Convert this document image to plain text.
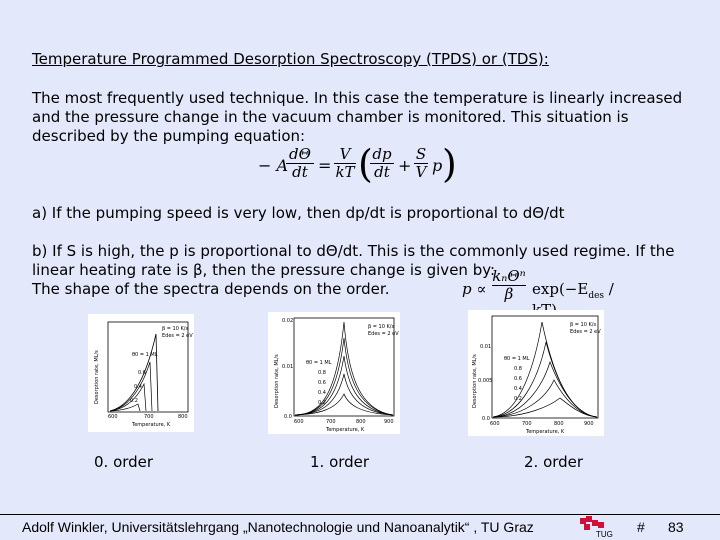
Temperature Programmed Desorption Spectroscopy (TPDS) or (TDS):
The most frequently used technique. In this case the temperature is linearly increased and the pressure change in the vacuum chamber is monitored. This situation is described by the pumping equation:
− A
dΘ
dt =
V
kT ( dp
dt +
S
V p )
a) If the pumping speed is very low, then dp/dt is proportional to dΘ/dt
b) If S is high, the p is proportional to dΘ/dt. This is the commonly used regime. If the
linear heating rate is β, then the pressure change is given by:
The shape of the spectra depends on the order.	p ∝
kₙΘⁿ
β $\exp(-E_{des}$ /
β = 10 K/s
Edes = 2 eV
θ0 = 1 ML
0.6
0.4
0.2
600	700	800
Temperature, K
Desorption rate, ML/s
β = 10 K/s
Edes = 2 eV
θ0 = 1 ML
0.8
0.6
0.4
0.2
0.02
0.01
0.0
600	700	800	900
Temperature, K
Desorption rate, ML/s
β = 10 K/s
Edes = 2 eV
θ0 = 1 ML
0.8
0.6
0.4
0.2
0.01
0.005
0.0
600	700	800	900
Temperature, K
Desorption rate, ML/s
0. order	1. order	2. order
Adolf Winkler, Universitätslehrgang „Nanotechnologie und Nanoanalytik“ , TU Graz	TUG # 83
